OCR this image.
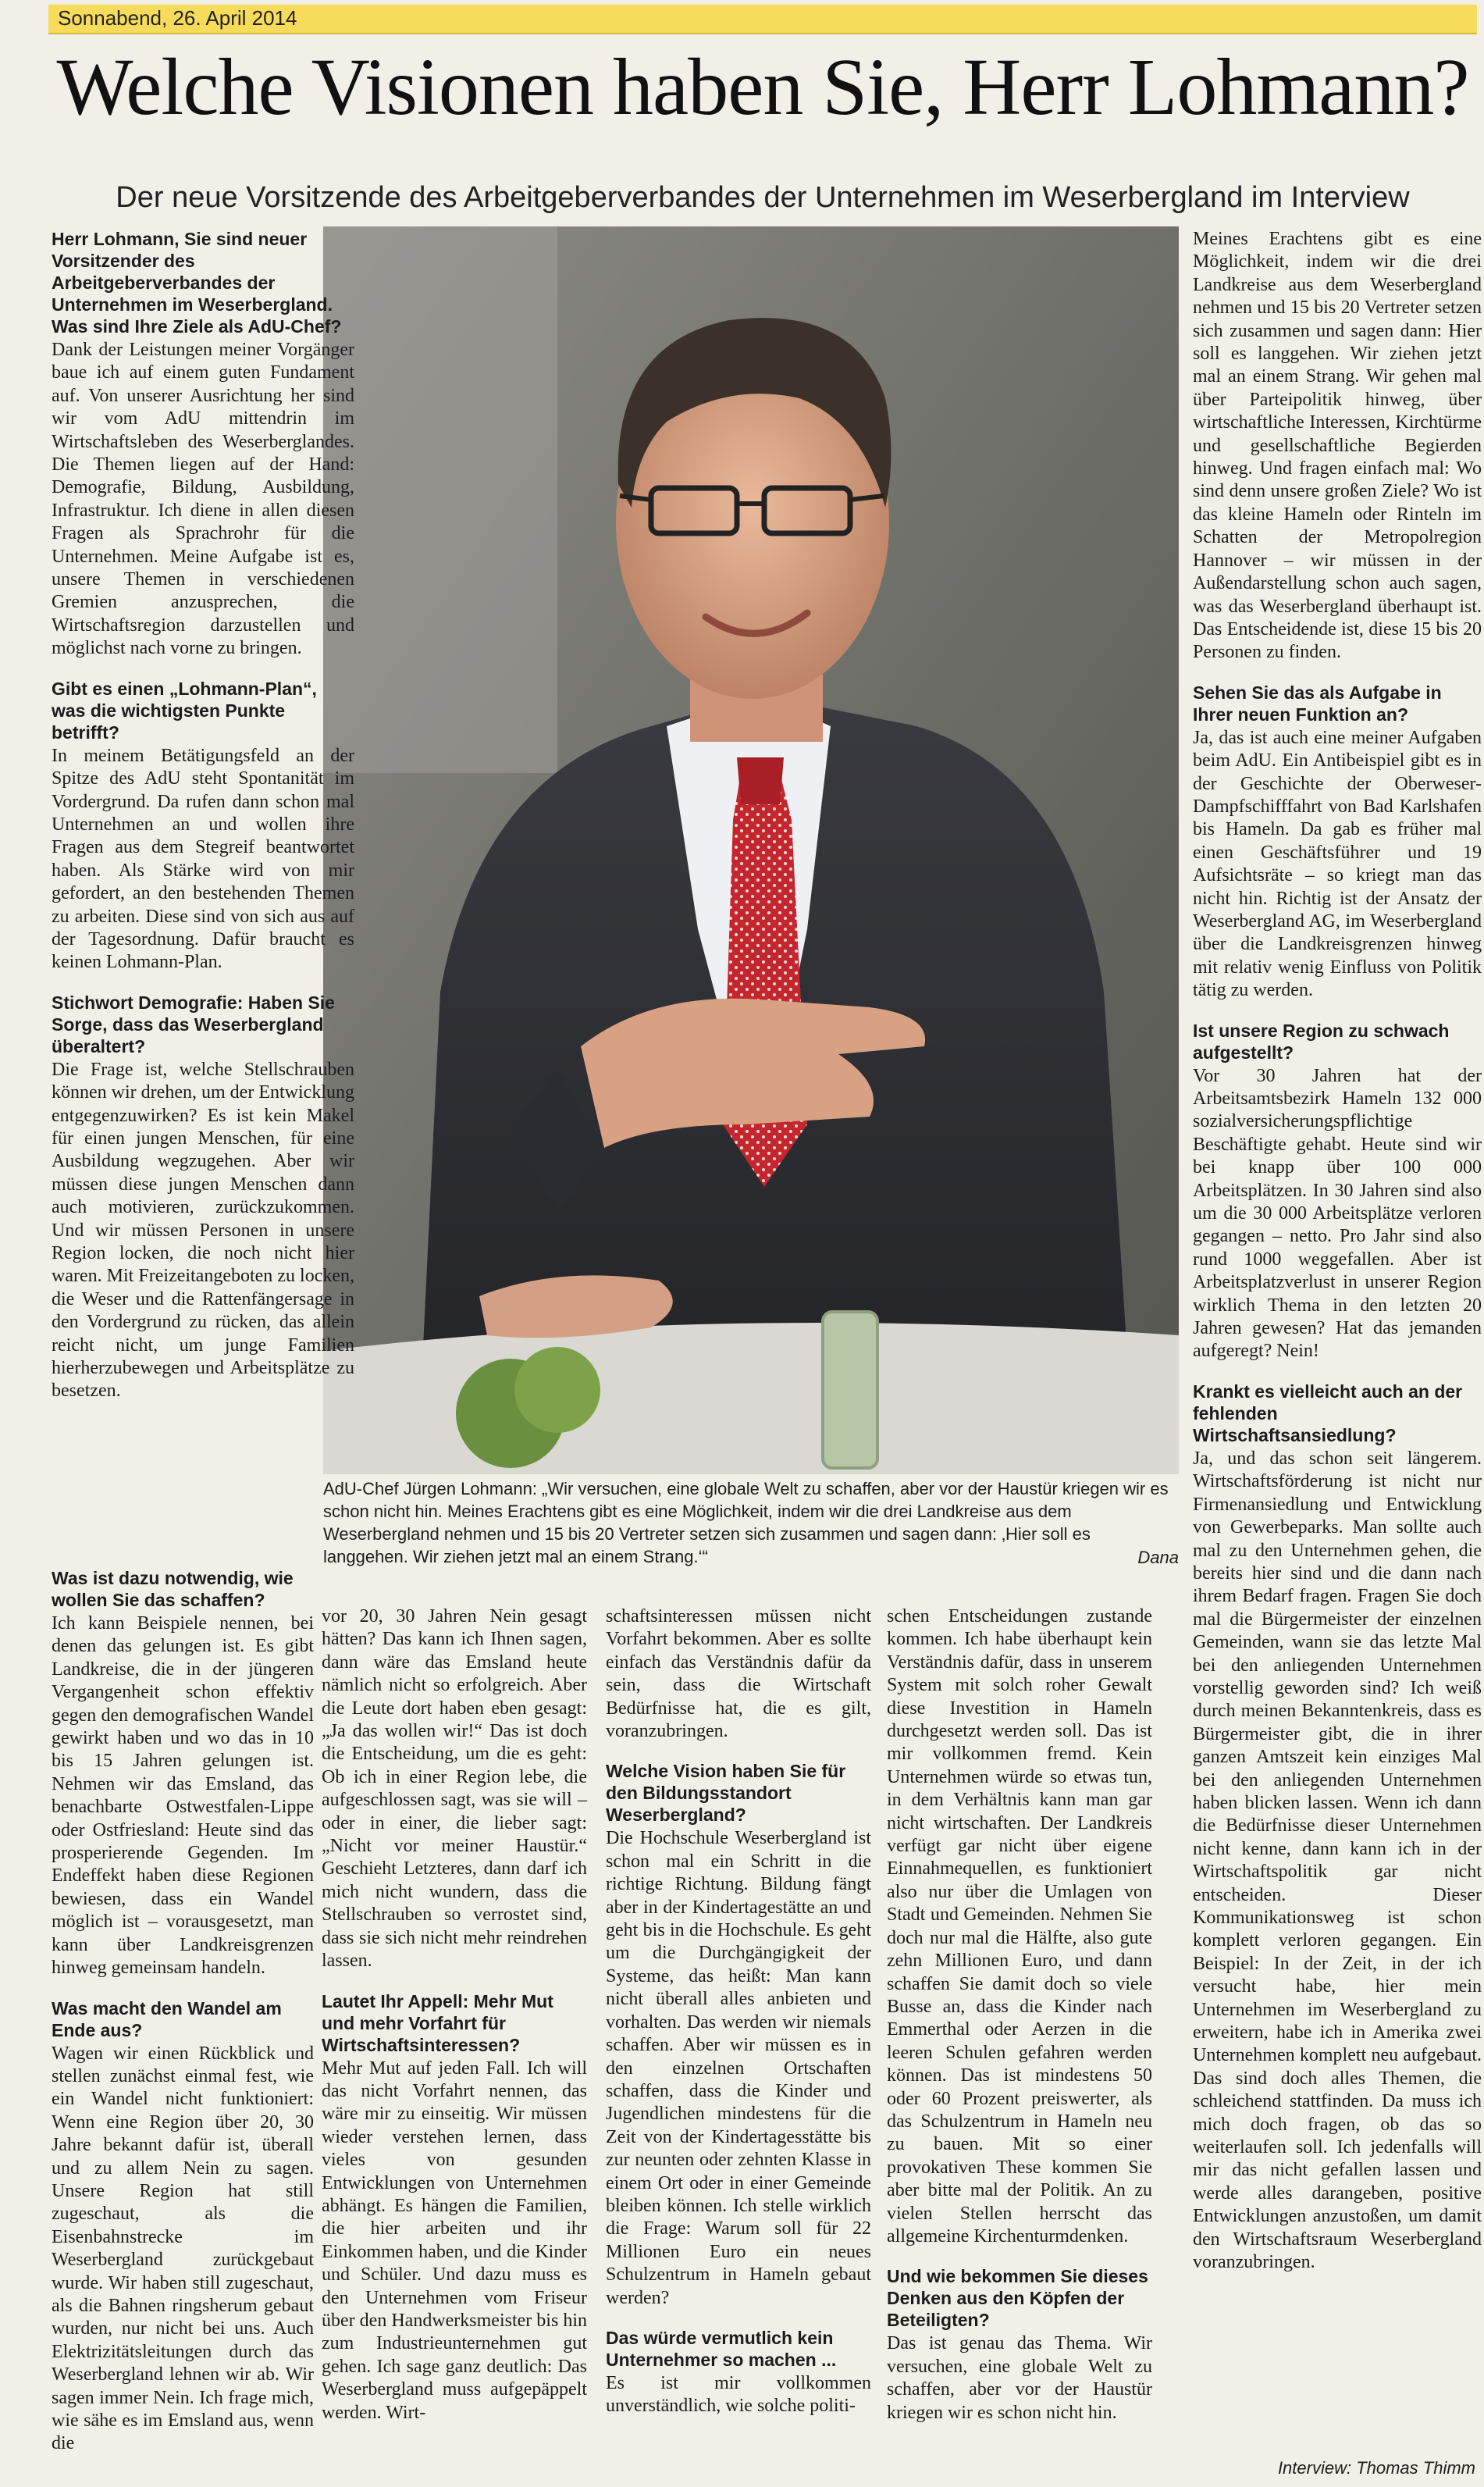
Sonnabend, 26. April 2014
Welche Visionen haben Sie, Herr Lohmann?
Der neue Vorsitzende des Arbeitgeberverbandes der Unternehmen im Weserbergland im Interview
AdU-Chef Jürgen Lohmann: „Wir versuchen, eine globale Welt zu schaffen, aber vor der Haustür kriegen wir es schon nicht hin. Meines Erachtens gibt es eine Möglichkeit, indem wir die drei Landkreise aus dem Weserbergland nehmen und 15 bis 20 Vertreter setzen sich zusammen und sagen dann: ‚Hier soll es langgehen. Wir ziehen jetzt mal an einem Strang.‘“	Dana

Herr Lohmann, Sie sind neuer Vorsitzender des Arbeitgeberverbandes der Unternehmen im Weserbergland. Was sind Ihre Ziele als AdU-Chef?

Dank der Leistungen meiner Vorgänger baue ich auf einem guten Fundament auf. Von unserer Ausrichtung her sind wir vom AdU mittendrin im Wirtschaftsleben des Weserberglandes. Die Themen liegen auf der Hand: Demografie, Bildung, Ausbildung, Infrastruktur. Ich diene in allen diesen Fragen als Sprachrohr für die Unternehmen. Meine Aufgabe ist es, unsere Themen in verschiedenen Gremien anzusprechen, die Wirtschaftsregion darzustellen und möglichst nach vorne zu bringen.

Gibt es einen „Lohmann-Plan“, was die wichtigsten Punkte betrifft?

In meinem Betätigungsfeld an der Spitze des AdU steht Spontanität im Vordergrund. Da rufen dann schon mal Unternehmen an und wollen ihre Fragen aus dem Stegreif beantwortet haben. Als Stärke wird von mir gefordert, an den bestehenden Themen zu arbeiten. Diese sind von sich aus auf der Tagesordnung. Dafür braucht es keinen Lohmann-Plan.

Stichwort Demografie: Haben Sie Sorge, dass das Weserbergland überaltert?

Die Frage ist, welche Stellschrauben können wir drehen, um der Entwicklung entgegenzuwirken? Es ist kein Makel für einen jungen Menschen, für eine Ausbildung wegzugehen. Aber wir müssen diese jungen Menschen dann auch motivieren, zurückzukommen. Und wir müssen Personen in unsere Region locken, die noch nicht hier waren. Mit Freizeitangeboten zu locken, die Weser und die Rattenfängersage in den Vordergrund zu rücken, das allein reicht nicht, um junge Familien hierherzubewegen und Arbeitsplätze zu besetzen.

Was ist dazu notwendig, wie wollen Sie das schaffen?

Ich kann Beispiele nennen, bei denen das gelungen ist. Es gibt Landkreise, die in der jüngeren Vergangenheit schon effektiv gegen den demografischen Wandel gewirkt haben und wo das in 10 bis 15 Jahren gelungen ist. Nehmen wir das Emsland, das benachbarte Ostwestfalen-Lippe oder Ostfriesland: Heute sind das prosperierende Gegenden. Im Endeffekt haben diese Regionen bewiesen, dass ein Wandel möglich ist – vorausgesetzt, man kann über Landkreisgrenzen hinweg gemeinsam handeln.

Was macht den Wandel am Ende aus?

Wagen wir einen Rückblick und stellen zunächst einmal fest, wie ein Wandel nicht funktioniert: Wenn eine Region über 20, 30 Jahre bekannt dafür ist, überall und zu allem Nein zu sagen. Unsere Region hat still zugeschaut, als die Eisenbahnstrecke im Weserbergland zurückgebaut wurde. Wir haben still zugeschaut, als die Bahnen ringsherum gebaut wurden, nur nicht bei uns. Auch Elektrizitätsleitungen durch das Weserbergland lehnen wir ab. Wir sagen immer Nein. Ich frage mich, wie sähe es im Emsland aus, wenn die

vor 20, 30 Jahren Nein gesagt hätten? Das kann ich Ihnen sagen, dann wäre das Emsland heute nämlich nicht so erfolgreich. Aber die Leute dort haben eben gesagt: „Ja das wollen wir!“ Das ist doch die Entscheidung, um die es geht: Ob ich in einer Region lebe, die aufgeschlossen sagt, was sie will – oder in einer, die lieber sagt: „Nicht vor meiner Haustür.“ Geschieht Letzteres, dann darf ich mich nicht wundern, dass die Stellschrauben so verrostet sind, dass sie sich nicht mehr reindrehen lassen.

Lautet Ihr Appell: Mehr Mut und mehr Vorfahrt für Wirtschaftsinteressen?

Mehr Mut auf jeden Fall. Ich will das nicht Vorfahrt nennen, das wäre mir zu einseitig. Wir müssen wieder verstehen lernen, dass vieles von gesunden Entwicklungen von Unternehmen abhängt. Es hängen die Familien, die hier arbeiten und ihr Einkommen haben, und die Kinder und Schüler. Und dazu muss es den Unternehmen vom Friseur über den Handwerksmeister bis hin zum Industrieunternehmen gut gehen. Ich sage ganz deutlich: Das Weserbergland muss aufgepäppelt werden. Wirt-

schaftsinteressen müssen nicht Vorfahrt bekommen. Aber es sollte einfach das Verständnis dafür da sein, dass die Wirtschaft Bedürfnisse hat, die es gilt, voranzubringen.

Welche Vision haben Sie für den Bildungsstandort Weserbergland?

Die Hochschule Weserbergland ist schon mal ein Schritt in die richtige Richtung. Bildung fängt aber in der Kindertagestätte an und geht bis in die Hochschule. Es geht um die Durchgängigkeit der Systeme, das heißt: Man kann nicht überall alles anbieten und vorhalten. Das werden wir niemals schaffen. Aber wir müssen es in den einzelnen Ortschaften schaffen, dass die Kinder und Jugendlichen mindestens für die Zeit von der Kindertagesstätte bis zur neunten oder zehnten Klasse in einem Ort oder in einer Gemeinde bleiben können. Ich stelle wirklich die Frage: Warum soll für 22 Millionen Euro ein neues Schulzentrum in Hameln gebaut werden?

Das würde vermutlich kein Unternehmer so machen ...

Es ist mir vollkommen unverständlich, wie solche politi-

schen Entscheidungen zustande kommen. Ich habe überhaupt kein Verständnis dafür, dass in unserem System mit solch roher Gewalt diese Investition in Hameln durchgesetzt werden soll. Das ist mir vollkommen fremd. Kein Unternehmen würde so etwas tun, in dem Verhältnis kann man gar nicht wirtschaften. Der Landkreis verfügt gar nicht über eigene Einnahmequellen, es funktioniert also nur über die Umlagen von Stadt und Gemeinden. Nehmen Sie doch nur mal die Hälfte, also gute zehn Millionen Euro, und dann schaffen Sie damit doch so viele Busse an, dass die Kinder nach Emmerthal oder Aerzen in die leeren Schulen gefahren werden können. Das ist mindestens 50 oder 60 Prozent preiswerter, als das Schulzentrum in Hameln neu zu bauen. Mit so einer provokativen These kommen Sie aber bitte mal der Politik. An zu vielen Stellen herrscht das allgemeine Kirchenturmdenken.

Und wie bekommen Sie dieses Denken aus den Köpfen der Beteiligten?

Das ist genau das Thema. Wir versuchen, eine globale Welt zu schaffen, aber vor der Haustür kriegen wir es schon nicht hin.

Meines Erachtens gibt es eine Möglichkeit, indem wir die drei Landkreise aus dem Weserbergland nehmen und 15 bis 20 Vertreter setzen sich zusammen und sagen dann: Hier soll es langgehen. Wir ziehen jetzt mal an einem Strang. Wir gehen mal über Parteipolitik hinweg, über wirtschaftliche Interessen, Kirchtürme und gesellschaftliche Begierden hinweg. Und fragen einfach mal: Wo sind denn unsere großen Ziele? Wo ist das kleine Hameln oder Rinteln im Schatten der Metropolregion Hannover – wir müssen in der Außendarstellung schon auch sagen, was das Weserbergland überhaupt ist. Das Entscheidende ist, diese 15 bis 20 Personen zu finden.

Sehen Sie das als Aufgabe in Ihrer neuen Funktion an?

Ja, das ist auch eine meiner Aufgaben beim AdU. Ein Antibeispiel gibt es in der Geschichte der Oberweser-Dampfschifffahrt von Bad Karlshafen bis Hameln. Da gab es früher mal einen Geschäftsführer und 19 Aufsichtsräte – so kriegt man das nicht hin. Richtig ist der Ansatz der Weserbergland AG, im Weserbergland über die Landkreisgrenzen hinweg mit relativ wenig Einfluss von Politik tätig zu werden.

Ist unsere Region zu schwach aufgestellt?

Vor 30 Jahren hat der Arbeitsamtsbezirk Hameln 132 000 sozialversicherungspflichtige Beschäftigte gehabt. Heute sind wir bei knapp über 100 000 Arbeitsplätzen. In 30 Jahren sind also um die 30 000 Arbeitsplätze verloren gegangen – netto. Pro Jahr sind also rund 1000 weggefallen. Aber ist Arbeitsplatzverlust in unserer Region wirklich Thema in den letzten 20 Jahren gewesen? Hat das jemanden aufgeregt? Nein!

Krankt es vielleicht auch an der fehlenden Wirtschaftsansiedlung?

Ja, und das schon seit längerem. Wirtschaftsförderung ist nicht nur Firmenansiedlung und Entwicklung von Gewerbeparks. Man sollte auch mal zu den Unternehmen gehen, die bereits hier sind und die dann nach ihrem Bedarf fragen. Fragen Sie doch mal die Bürgermeister der einzelnen Gemeinden, wann sie das letzte Mal bei den anliegenden Unternehmen vorstellig geworden sind? Ich weiß durch meinen Bekanntenkreis, dass es Bürgermeister gibt, die in ihrer ganzen Amtszeit kein einziges Mal bei den anliegenden Unternehmen haben blicken lassen. Wenn ich dann die Bedürfnisse dieser Unternehmen nicht kenne, dann kann ich in der Wirtschaftspolitik gar nicht entscheiden. Dieser Kommunikationsweg ist schon komplett verloren gegangen. Ein Beispiel: In der Zeit, in der ich versucht habe, hier mein Unternehmen im Weserbergland zu erweitern, habe ich in Amerika zwei Unternehmen komplett neu aufgebaut. Das sind doch alles Themen, die schleichend stattfinden. Da muss ich mich doch fragen, ob das so weiterlaufen soll. Ich jedenfalls will mir das nicht gefallen lassen und werde alles darangeben, positive Entwicklungen anzustoßen, um damit den Wirtschaftsraum Weserbergland voranzubringen.

Interview: Thomas Thimm
